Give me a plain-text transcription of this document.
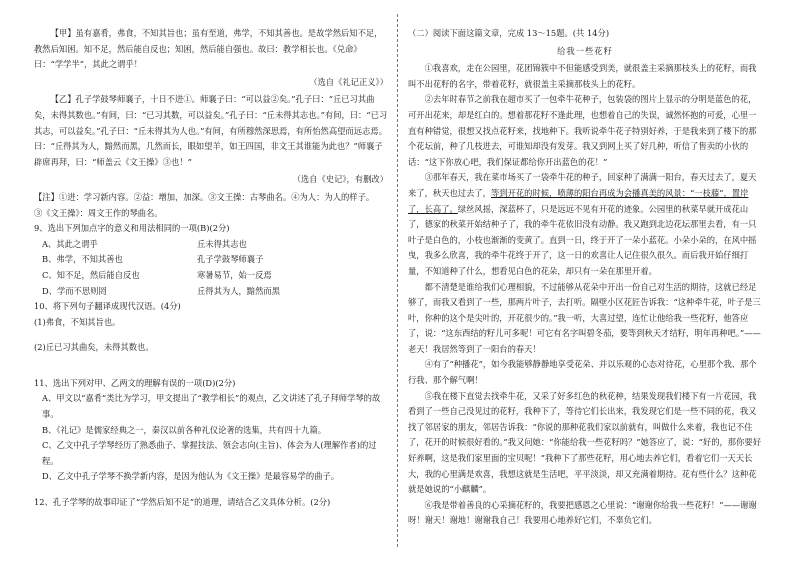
【甲】虽有嘉肴，弗食，不知其旨也；虽有至道，弗学，不知其善也。是故学然后知不足，教然后知困。知不足，然后能自反也；知困，然后能自强也。故曰：教学相长也。《兑命》曰：“学学半”，其此之谓乎！

（选自《礼记正义》）

【乙】孔子学鼓琴师襄子，十日不进①。师襄子曰：“可以益②矣。”孔子曰：“丘已习其曲矣，未得其数也。”有间，曰：“已习其数，可以益矣。”孔子曰：“丘未得其志也。”有间，曰：“已习其志，可以益矣。”孔子曰：“丘未得其为人也。”有间，有所穆然深思焉，有所怡然高望而远志焉。曰：“丘得其为人，黯然而黑，几然而长，眼如望羊，如王四国，非文王其谁能为此也？”师襄子辟席再拜，曰：“师盖云《文王操》③也！”

（选自《史记》，有删改）

【注】①进：学习新内容。②益：增加，加深。③文王操：古琴曲名。④为人：为人的样子。

③《文王操》：周文王作的琴曲名。

9、选出下列加点字的意义和用法相同的一项(B)(2分)

A、其此之谓乎	丘未得其志也
B、弗学，不知其善也	孔子学鼓琴师襄子
C、知不足，然后能自反也	寒暑易节，始一反焉
D、学而不思则罔	丘得其为人，黯然而黑

10、将下列句子翻译成现代汉语。(4分)

(1)弗食，不知其旨也。

(2)丘已习其曲矣，未得其数也。

11、选出下列对甲、乙两文的理解有误的一项(D)(2分)

A、甲文以“嘉肴”类比为学习，甲文提出了“教学相长”的观点，乙文讲述了孔子拜师学琴的故事。

B、《礼记》是儒家经典之一，秦汉以前各种礼仪论著的选集，共有四十九篇。

C、乙文中孔子学琴经历了熟悉曲子、掌握技法、领会志向(主旨)、体会为人(理解作者)的过程。

D、乙文中孔子学琴不换学新内容，是因为他认为《文王操》是最容易学的曲子。

12、孔子学琴的故事印证了“学然后知不足”的道理，请结合乙文具体分析。(2分)

（二）阅读下面这篇文章，完成 13～15题。(共 14分)

给我一些花籽

①我喜欢，走在公园里，花团锦簇中不但能感受到美，就很盖主采摘那枝头上的花籽，而我叫不出花籽的名字，带着花籽，就很盖主采摘那枝头上的花籽。

②去年时春节之前我在超市买了一包牵牛花种子，包装袋的图片上显示的分明是蓝色的花，可开出花来，却是红白的。想着那花籽不逢此理，也想着自己的失误，诚然怀抱的可爱，心里一直有种错觉，很想又找点花籽来，找地种下。我听说牵牛花子特别好养，于是我来到了楼下的那个花坛前，种了几枝进去，可谁知却没有发芽。我又到网上买了好几种，听信了售卖的小伙的话：“这下你放心吧，我们保证都给你开出蓝色的花！”

③那年春天，我在菜市场买了一袋牵牛花的种子，回家种了满满一阳台，春天过去了，夏天来了，秋天也过去了，等到开花的时候，喷薄的阳台再成为会播真美的风景：“一枝藤”，置岸了，长高了。绿丝风摇，深蓝杯了，只是远远不见有开花的迹象。公园里的秋菜早就开成花山了，德家的秋菜开始结种子了，我的牵牛花依旧没有动静。我又跑到北边花坛那里去看，有一只叶子是白色的，小枝也渐渐的变黄了。直到一日，终于开了一朵小蓝花。小朵小朵的，在风中摇曳，我多么欣喜，我的牵牛花终于开了，这一日的欢喜让人记住很久很久。而后我开始仔细打量，不知道种了什么，想看见白色的花朵，却只有一朵在那里开着。

都不清楚是谁给我们心理相貌，不过能够从花朵中开出一份自己对生活的期待，这就已经足够了，而我又看到了一些，那两片叶子，去打听。隔壁小区花匠告诉我：“这种牵牛花，叶子是三叶，你种的这个是尖叶的，开花很少的。”我一听，大喜过望，连忙让他给我一些花籽，他答应了，说：“这东西结的籽儿可多呢！可它有名字叫碧冬茄，要等到秋天才结籽，明年再种吧。”——老天！我居然等到了一阳台的春天！

④有了“种播花”，如今我能够静静地享受花朵、并以乐观的心态对待花，心里那个我、那个行我、那个解气啊！

⑤我在楼下直觉去找牵牛花，又采了好多红色的秋花种，结果发现我们楼下有一片花园，我看到了一些自己没见过的花籽，我种下了，等待它们长出来，我发现它们是一些不同的花，我又找了邻居家的朋友，邻居告诉我：“你说的那种花我们家以前就有，叫做什么来着，我也记不住了，花开的时候很好看的。”我又问她：“你能给我一些花籽吗？”她答应了，说：“好的，那你要好好养啊，这是我们家里面的宝贝呢！”我种下了那些花籽，用心地去养它们，看着它们一天天长大，我的心里满是欢喜，我想这就是生活吧，平平淡淡，却又充满着期待。花有些什么？这种花就是她说的“小麒麟”。

⑥我是带着善良的心采摘花籽的，我要把感恩之心里说：“谢谢你给我一些花籽！”——谢谢呀！谢天！谢地！谢谢我自己！我要用心地养好它们，不辜负它们。
